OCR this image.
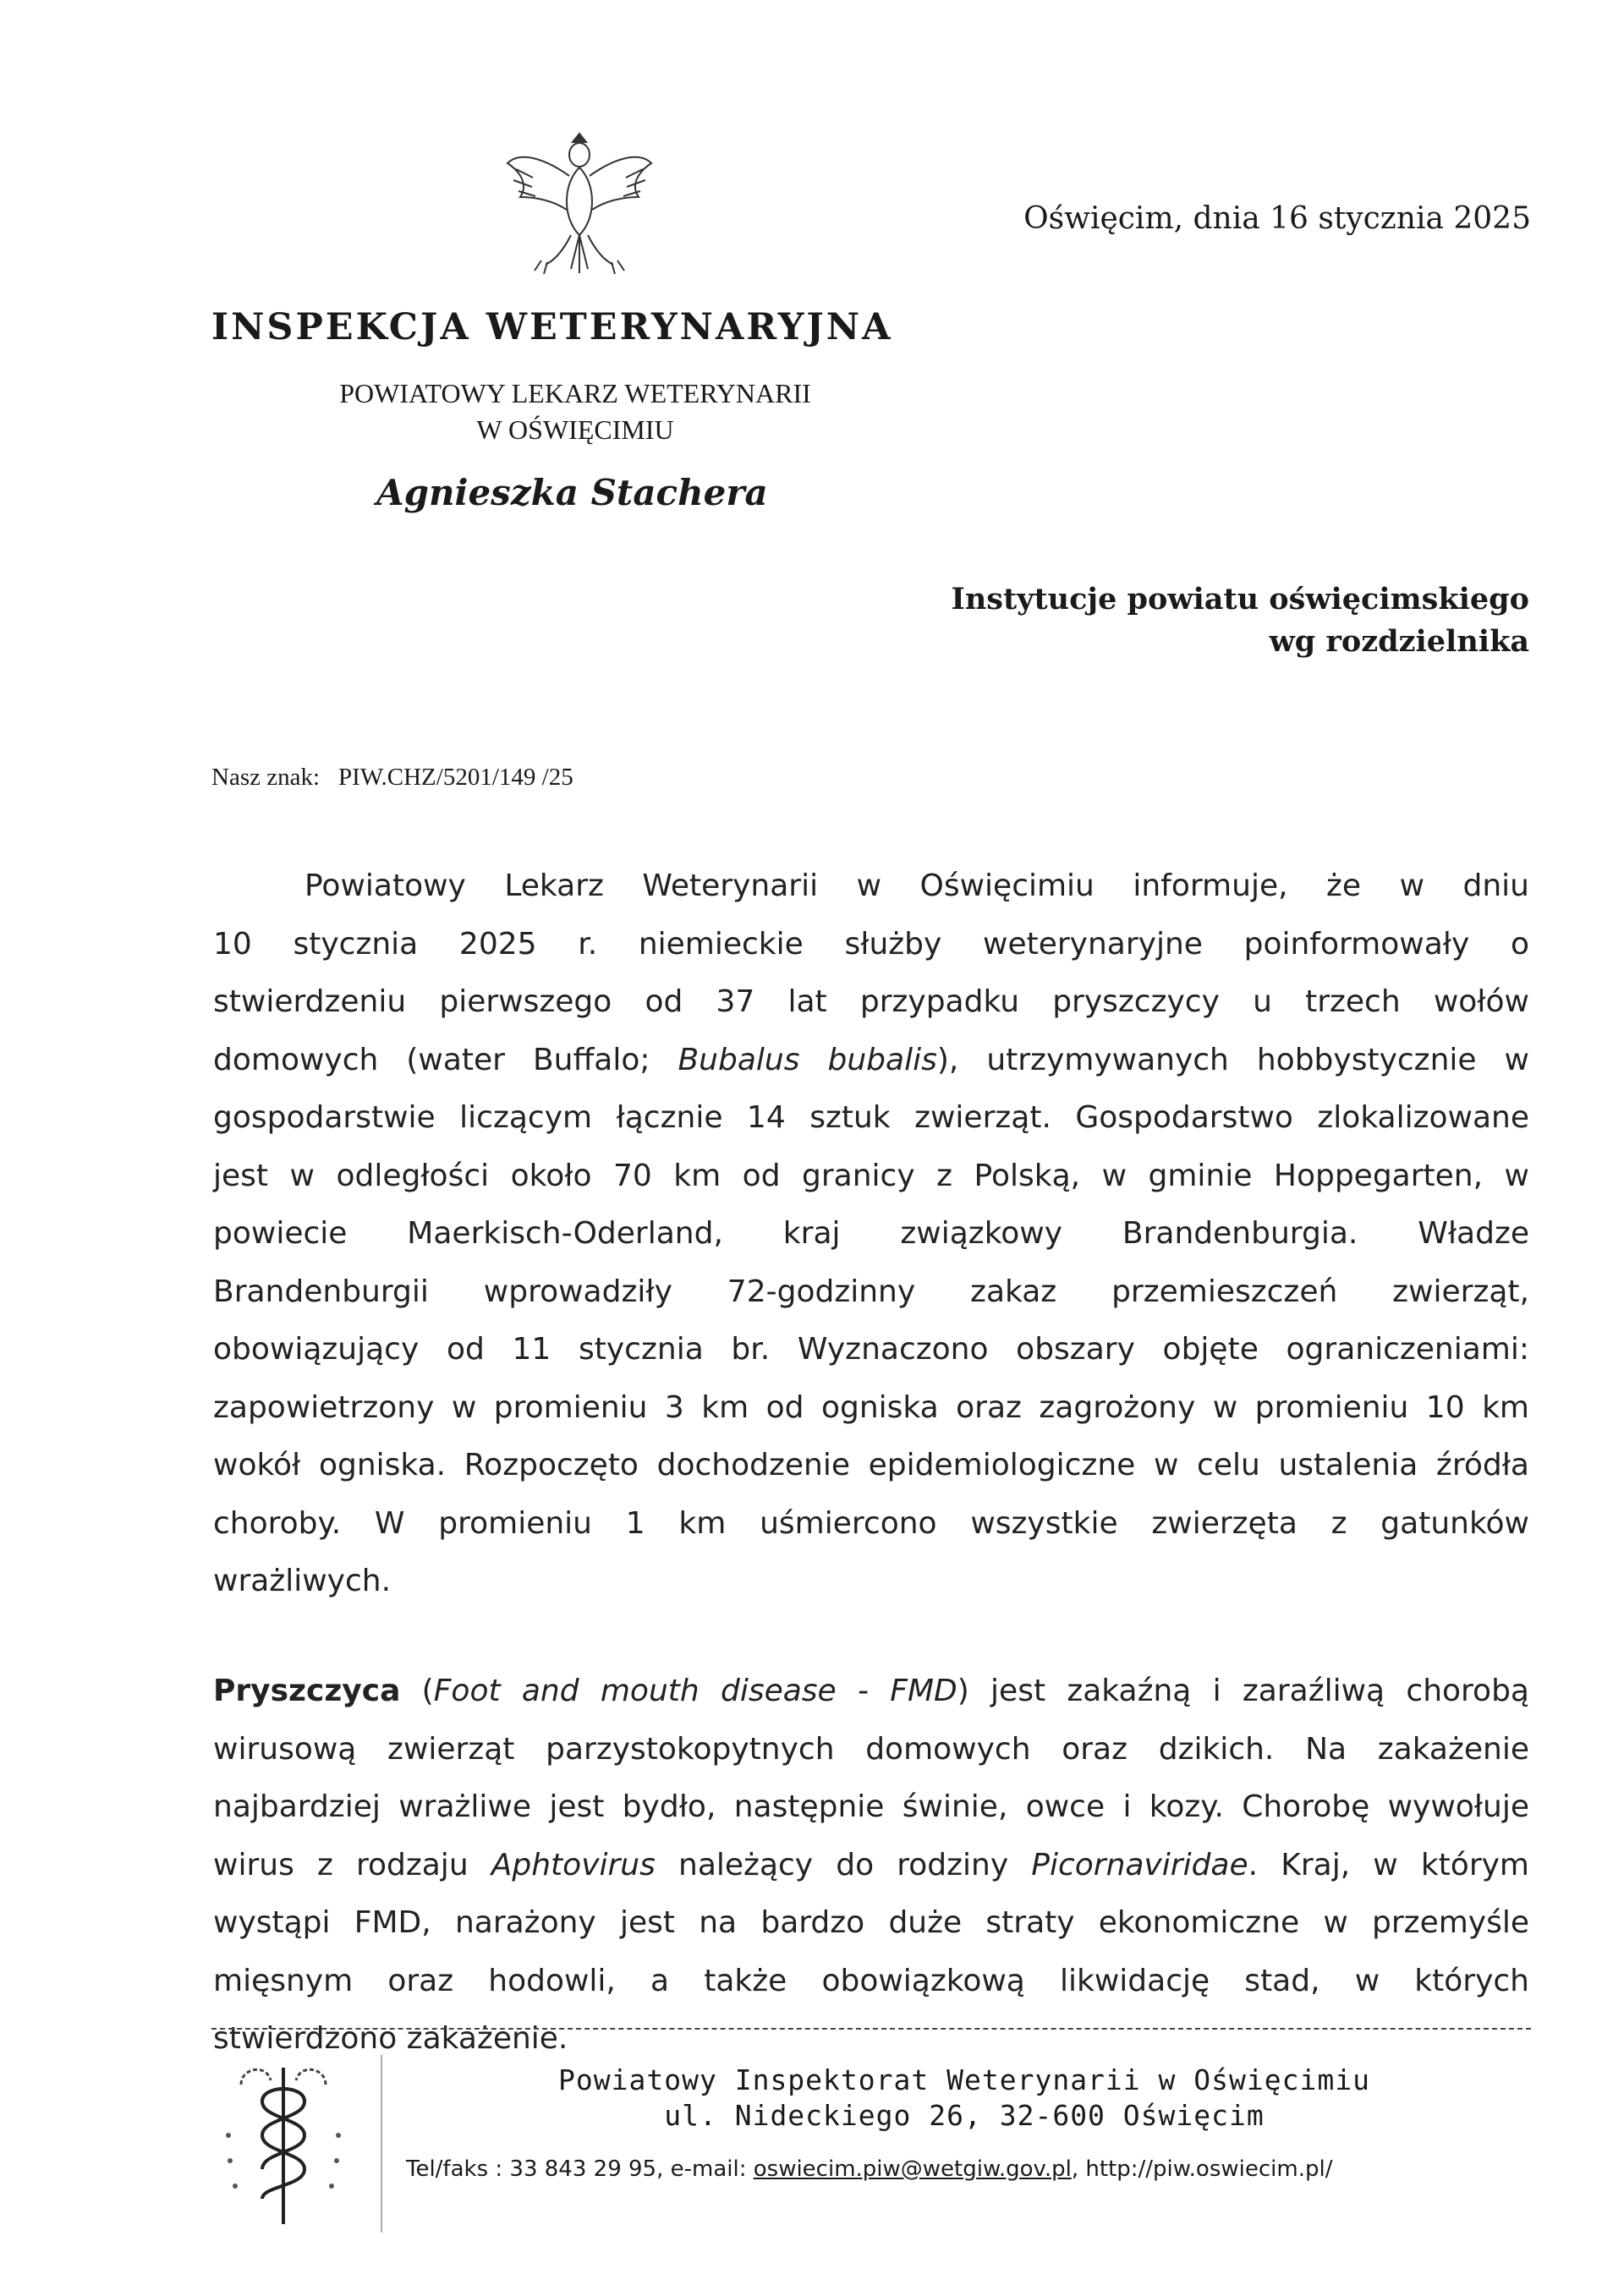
Oświęcim, dnia 16 stycznia 2025
INSPEKCJA WETERYNARYJNA
POWIATOWY LEKARZ WETERYNARII
W OŚWIĘCIMIU
Agnieszka Stachera
Instytucje powiatu oświęcimskiego
wg rozdzielnika
Nasz znak: PIW.CHZ/5201/149 /25
Powiatowy Lekarz Weterynarii w Oświęcimiu informuje, że w dniu
10 stycznia 2025 r. niemieckie służby weterynaryjne poinformowały o
stwierdzeniu pierwszego od 37 lat przypadku pryszczycy u trzech wołów
domowych (water Buffalo; Bubalus bubalis), utrzymywanych hobbystycznie w
gospodarstwie liczącym łącznie 14 sztuk zwierząt. Gospodarstwo zlokalizowane
jest w odległości około 70 km od granicy z Polską, w gminie Hoppegarten, w
powiecie Maerkisch-Oderland, kraj związkowy Brandenburgia. Władze
Brandenburgii wprowadziły 72-godzinny zakaz przemieszczeń zwierząt,
obowiązujący od 11 stycznia br. Wyznaczono obszary objęte ograniczeniami:
zapowietrzony w promieniu 3 km od ogniska oraz zagrożony w promieniu 10 km
wokół ogniska. Rozpoczęto dochodzenie epidemiologiczne w celu ustalenia źródła
choroby. W promieniu 1 km uśmiercono wszystkie zwierzęta z gatunków
wrażliwych.
Pryszczyca (Foot and mouth disease - FMD) jest zakaźną i zaraźliwą chorobą
wirusową zwierząt parzystokopytnych domowych oraz dzikich. Na zakażenie
najbardziej wrażliwe jest bydło, następnie świnie, owce i kozy. Chorobę wywołuje
wirus z rodzaju Aphtovirus należący do rodziny Picornaviridae. Kraj, w którym
wystąpi FMD, narażony jest na bardzo duże straty ekonomiczne w przemyśle
mięsnym oraz hodowli, a także obowiązkową likwidację stad, w których
stwierdzono zakażenie.
Powiatowy Inspektorat Weterynarii w Oświęcimiu
ul. Nideckiego 26, 32-600 Oświęcim
Tel/faks : 33 843 29 95, e-mail: oswiecim.piw@wetgiw.gov.pl, http://piw.oswiecim.pl/
